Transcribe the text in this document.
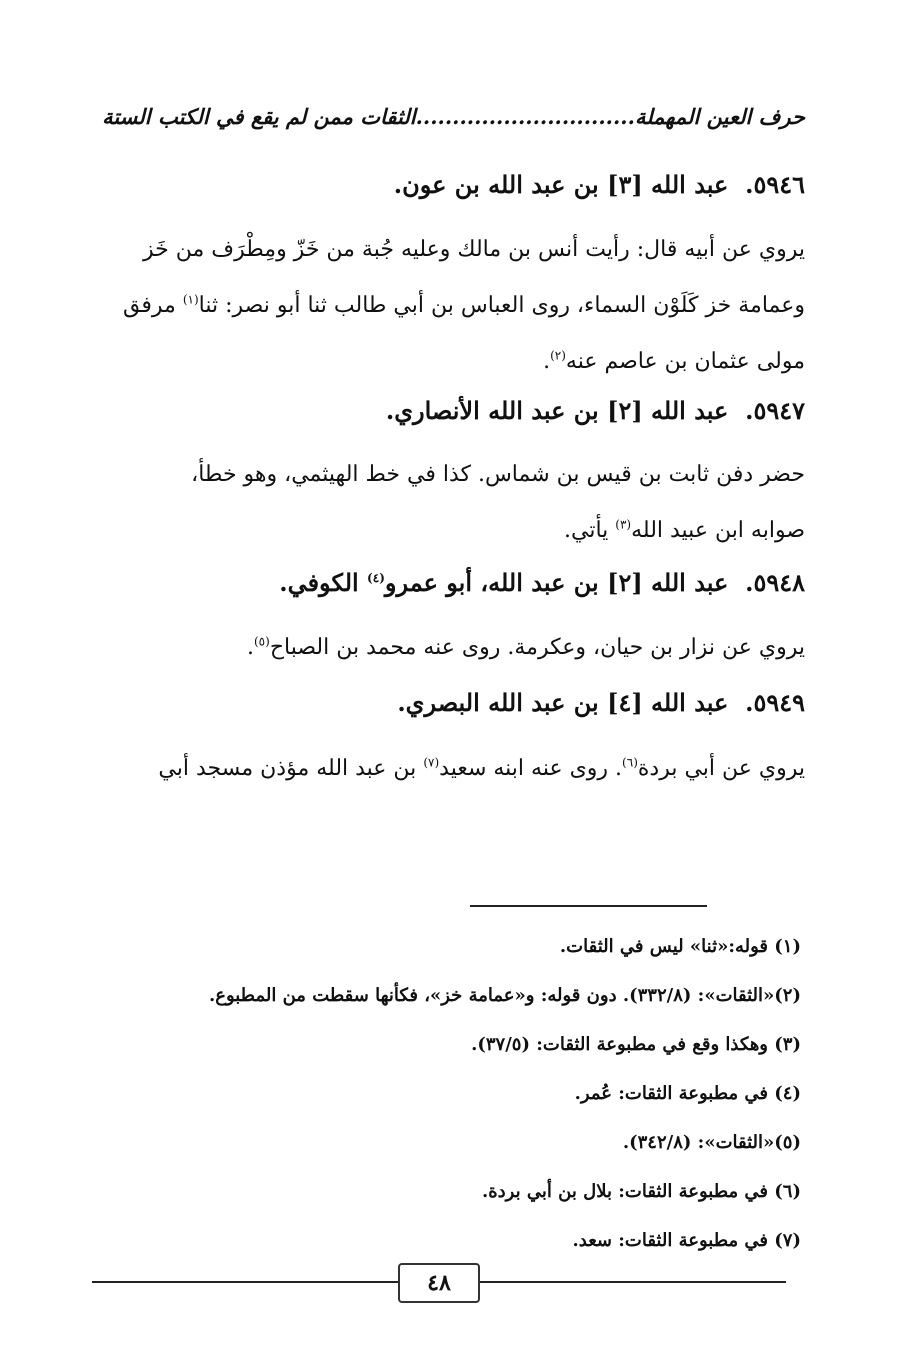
حرف العين المهملة..............................الثقات ممن لم يقع في الكتب الستة
٥٩٤٦.  عبد الله [٣] بن عبد الله بن عون.
يروي عن أبيه قال: رأيت أنس بن مالك وعليه جُبة من خَزّ ومِطْرَف من خَز
وعمامة خز كَلَوْن السماء، روى العباس بن أبي طالب ثنا أبو نصر: ثنا$^{(١)}$ مرفق
مولى عثمان بن عاصم عنه$^{(٢)}$.
٥٩٤٧.  عبد الله [٢] بن عبد الله الأنصاري.
حضر دفن ثابت بن قيس بن شماس. كذا في خط الهيثمي، وهو خطأ،
صوابه ابن عبيد الله$^{(٣)}$ يأتي.
٥٩٤٨.  عبد الله [٢] بن عبد الله، أبو عمرو$^{(٤)}$ الكوفي.
يروي عن نزار بن حيان، وعكرمة. روى عنه محمد بن الصباح$^{(٥)}$.
٥٩٤٩.  عبد الله [٤] بن عبد الله البصري.
يروي عن أبي بردة$^{(٦)}$. روى عنه ابنه سعيد$^{(٧)}$ بن عبد الله مؤذن مسجد أبي
(١) قوله:«ثنا» ليس في الثقات.
(٢)«الثقات»: (٣٣٢/٨). دون قوله: و«عمامة خز»، فكأنها سقطت من المطبوع.
(٣) وهكذا وقع في مطبوعة الثقات: (٣٧/٥).
(٤) في مطبوعة الثقات: عُمر.
(٥)«الثقات»: (٣٤٢/٨).
(٦) في مطبوعة الثقات: بلال بن أبي بردة.
(٧) في مطبوعة الثقات: سعد.
٤٨
